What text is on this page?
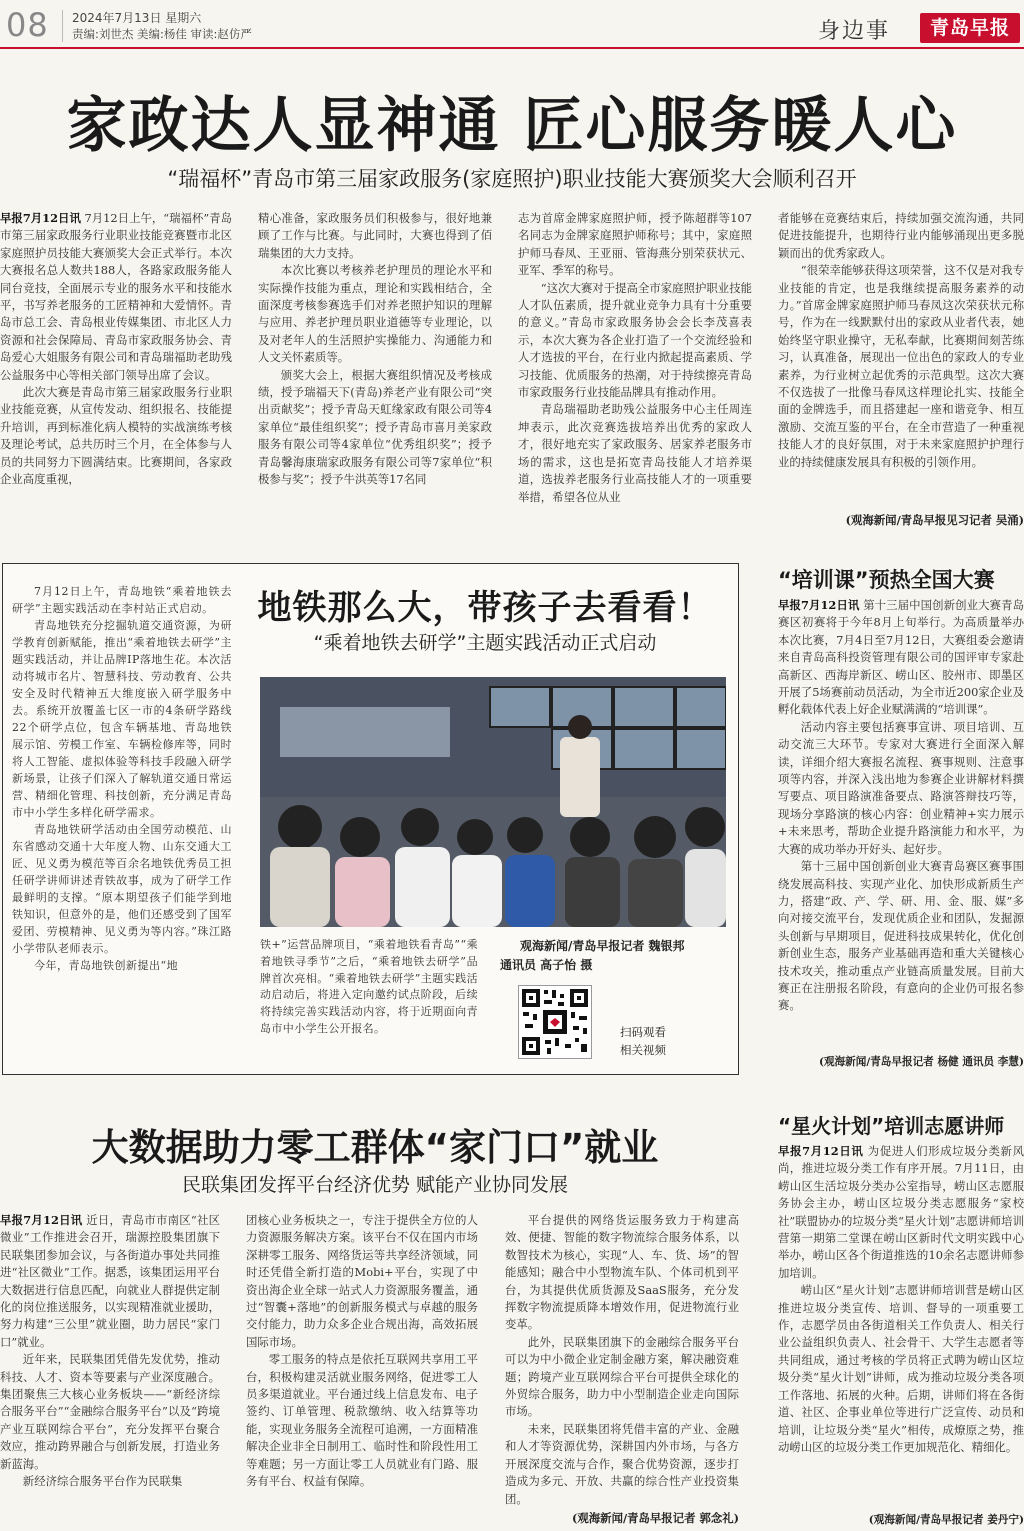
08 2024年7月13日 星期六
责编:刘世杰 美编:杨佳 审读:赵仿严	身边事	青岛早报
家政达人显神通 匠心服务暖人心
“瑞福杯”青岛市第三届家政服务(家庭照护)职业技能大赛颁奖大会顺利召开

早报7月12日讯 7月12日上午，“瑞福杯”青岛市第三届家政服务行业职业技能竞赛暨市北区家庭照护员技能大赛颁奖大会正式举行。本次大赛报名总人数共188人，各路家政服务能人同台竞技，全面展示专业的服务水平和技能水平，书写养老服务的工匠精神和大爱情怀。青岛市总工会、青岛根业传媒集团、市北区人力资源和社会保障局、青岛市家政服务协会、青岛爱心大姐服务有限公司和青岛瑞福助老助残公益服务中心等相关部门领导出席了会议。

此次大赛是青岛市第三届家政服务行业职业技能竞赛，从宣传发动、组织报名、技能提升培训，再到标准化病人模特的实战演练考核及理论考试，总共历时三个月，在全体参与人员的共同努力下圆满结束。比赛期间，各家政企业高度重视，

精心准备，家政服务员们积极参与，很好地兼顾了工作与比赛。与此同时，大赛也得到了佰瑞集团的大力支持。

本次比赛以考核养老护理员的理论水平和实际操作技能为重点，理论和实践相结合，全面深度考核参赛选手们对养老照护知识的理解与应用、养老护理员职业道德等专业理论，以及对老年人的生活照护实操能力、沟通能力和人文关怀素质等。

颁奖大会上，根据大赛组织情况及考核成绩，授予瑞福天下(青岛)养老产业有限公司“突出贡献奖”；授予青岛天虹缘家政有限公司等4家单位“最佳组织奖”；授予青岛市喜月美家政服务有限公司等4家单位“优秀组织奖”；授予青岛馨海康瑞家政服务有限公司等7家单位“积极参与奖”；授予牛洪英等17名同

志为首席金牌家庭照护师，授予陈超群等107名同志为金牌家庭照护师称号；其中，家庭照护师马春凤、王亚丽、管海燕分别荣获状元、亚军、季军的称号。

“这次大赛对于提高全市家庭照护职业技能人才队伍素质，提升就业竞争力具有十分重要的意义。”青岛市家政服务协会会长李茂喜表示，本次大赛为各企业打造了一个交流经验和人才选拔的平台，在行业内掀起提高素质、学习技能、优质服务的热潮，对于持续擦亮青岛市家政服务行业技能品牌具有推动作用。

青岛瑞福助老助残公益服务中心主任周连坤表示，此次竞赛选拔培养出优秀的家政人才，很好地充实了家政服务、居家养老服务市场的需求，这也是拓宽青岛技能人才培养渠道，选拔养老服务行业高技能人才的一项重要举措，希望各位从业

者能够在竞赛结束后，持续加强交流沟通，共同促进技能提升，也期待行业内能够涌现出更多脱颖而出的优秀家政人。

“很荣幸能够获得这项荣誉，这不仅是对我专业技能的肯定，也是我继续提高服务素养的动力。”首席金牌家庭照护师马春凤这次荣获状元称号，作为在一线默默付出的家政从业者代表，她始终坚守职业操守，无私奉献，比赛期间刻苦练习，认真准备，展现出一位出色的家政人的专业素养，为行业树立起优秀的示范典型。这次大赛不仅选拔了一批像马春凤这样理论扎实、技能全面的金牌选手，而且搭建起一座和谐竞争、相互激励、交流互鉴的平台，在全市营造了一种重视技能人才的良好氛围，对于未来家庭照护护理行业的持续健康发展具有积极的引领作用。

(观海新闻/青岛早报见习记者 吴涌)

7月12日上午，青岛地铁“乘着地铁去研学”主题实践活动在李村站正式启动。

青岛地铁充分挖掘轨道交通资源，为研学教育创新赋能，推出“乘着地铁去研学”主题实践活动，并让品牌IP落地生花。本次活动将城市名片、智慧科技、劳动教育、公共安全及时代精神五大维度嵌入研学服务中去。系统开放覆盖七区一市的4条研学路线22个研学点位，包含车辆基地、青岛地铁展示馆、劳模工作室、车辆检修库等，同时将人工智能、虚拟体验等科技手段融入研学新场景，让孩子们深入了解轨道交通日常运营、精细化管理、科技创新，充分满足青岛市中小学生多样化研学需求。

青岛地铁研学活动由全国劳动模范、山东省感动交通十大年度人物、山东交通大工匠、见义勇为模范等百余名地铁优秀员工担任研学讲师讲述青铁故事，成为了研学工作最鲜明的支撑。“原本期望孩子们能学到地铁知识，但意外的是，他们还感受到了国军爱团、劳模精神、见义勇为等内容。”珠江路小学带队老师表示。

今年，青岛地铁创新提出“地

地铁那么大，带孩子去看看！
“乘着地铁去研学”主题实践活动正式启动

铁+”运营品牌项目，“乘着地铁看青岛”“乘着地铁寻季节”之后，“乘着地铁去研学”品牌首次亮相。“乘着地铁去研学”主题实践活动启动后，将进入定向邀约试点阶段，后续将持续完善实践活动内容，将于近期面向青岛市中小学生公开报名。

观海新闻/青岛早报记者 魏银邦
通讯员 高子怡 摄
扫码观看
相关视频
“培训课”预热全国大赛

早报7月12日讯 第十三届中国创新创业大赛青岛赛区初赛将于今年8月上旬举行。为高质量举办本次比赛，7月4日至7月12日，大赛组委会邀请来自青岛高科投资管理有限公司的国评审专家赴高新区、西海岸新区、崂山区、胶州市、即墨区开展了5场赛前动员活动，为全市近200家企业及孵化载体代表上好企业赋满满的“培训课”。

活动内容主要包括赛事宣讲、项目培训、互动交流三大环节。专家对大赛进行全面深入解读，详细介绍大赛报名流程、赛事规则、注意事项等内容，并深入浅出地为参赛企业讲解材料撰写要点、项目路演准备要点、路演答辩技巧等，现场分享路演的核心内容：创业精神+实力展示+未来思考，帮助企业提升路演能力和水平，为大赛的成功举办开好头、起好步。

第十三届中国创新创业大赛青岛赛区赛事围绕发展高科技、实现产业化、加快形成新质生产力，搭建“政、产、学、研、用、金、服、媒”多向对接交流平台，发现优质企业和团队，发掘源头创新与早期项目，促进科技成果转化，优化创新创业生态，服务产业基础再造和重大关键核心技术攻关，推动重点产业链高质量发展。目前大赛正在注册报名阶段，有意向的企业仍可报名参赛。

(观海新闻/青岛早报记者 杨健 通讯员 李慧)
大数据助力零工群体“家门口”就业
民联集团发挥平台经济优势 赋能产业协同发展

早报7月12日讯 近日，青岛市市南区“社区微业”工作推进会召开，瑞源控股集团旗下民联集团参加会议，与各街道办事处共同推进“社区微业”工作。据悉，该集团运用平台大数据进行信息匹配，向就业人群提供定制化的岗位推送服务，以实现精准就业援助，努力构建“三公里”就业圈，助力居民“家门口”就业。

近年来，民联集团凭借先发优势，推动科技、人才、资本等要素与产业深度融合。集团聚焦三大核心业务板块——“新经济综合服务平台”“金融综合服务平台”以及“跨境产业互联网综合平台”，充分发挥平台聚合效应，推动跨界融合与创新发展，打造业务新蓝海。

新经济综合服务平台作为民联集

团核心业务板块之一，专注于提供全方位的人力资源服务解决方案。该平台不仅在国内市场深耕零工服务、网络货运等共享经济领域，同时还凭借全新打造的Mobi+平台，实现了中资出海企业全球一站式人力资源服务覆盖，通过“智囊+落地”的创新服务模式与卓越的服务交付能力，助力众多企业合规出海，高效拓展国际市场。

零工服务的特点是依托互联网共享用工平台，积极构建灵活就业服务网络，促进零工人员多渠道就业。平台通过线上信息发布、电子签约、订单管理、税款缴纳、收入结算等功能，实现业务服务全流程可追溯，一方面精准解决企业非全日制用工、临时性和阶段性用工等难题；另一方面让零工人员就业有门路、服务有平台、权益有保障。

平台提供的网络货运服务致力于构建高效、便捷、智能的数字物流综合服务体系，以数智技术为核心，实现“人、车、货、场”的智能感知；融合中小型物流车队、个体司机到平台，为其提供优质货源及SaaS服务，充分发挥数字物流提质降本增效作用，促进物流行业变革。

此外，民联集团旗下的金融综合服务平台可以为中小微企业定制金融方案，解决融资难题；跨境产业互联网综合平台可提供全球化的外贸综合服务，助力中小型制造企业走向国际市场。

未来，民联集团将凭借丰富的产业、金融和人才等资源优势，深耕国内外市场，与各方开展深度交流与合作，聚合优势资源，逐步打造成为多元、开放、共赢的综合性产业投资集团。

(观海新闻/青岛早报记者 郭念礼)
“星火计划”培训志愿讲师

早报7月12日讯 为促进人们形成垃圾分类新风尚，推进垃圾分类工作有序开展。7月11日，由崂山区生活垃圾分类办公室指导，崂山区志愿服务协会主办，崂山区垃圾分类志愿服务“家校社”联盟协办的垃圾分类“星火计划”志愿讲师培训营第一期第二堂课在崂山区新时代文明实践中心举办，崂山区各个街道推选的10余名志愿讲师参加培训。

崂山区“星火计划”志愿讲师培训营是崂山区推进垃圾分类宣传、培训、督导的一项重要工作，志愿学员由各街道相关工作负责人、相关行业公益组织负责人、社会骨干、大学生志愿者等共同组成，通过考核的学员将正式聘为崂山区垃圾分类“星火计划”讲师，成为推动垃圾分类各项工作落地、拓展的火种。后期，讲师们将在各街道、社区、企事业单位等进行广泛宣传、动员和培训，让垃圾分类“星火”相传，成燎原之势，推动崂山区的垃圾分类工作更加规范化、精细化。

(观海新闻/青岛早报记者 姜丹宁)
